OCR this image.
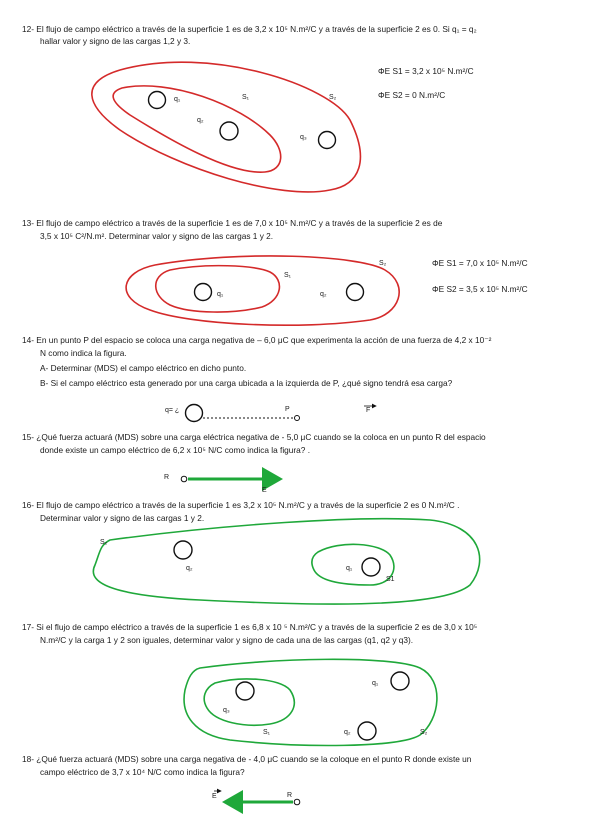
12- El flujo de campo eléctrico a través de la superficie 1 es de 3,2 x 10⁵ N.m²/C y a través de la superficie 2 es 0. Si q₁ = q₂

hallar valor y signo de las cargas 1,2 y 3.

ΦE S1 = 3,2 x 10⁵ N.m²/C

ΦE S2 = 0 N.m²/C

q₁	S₁	S₂

q₂

q₃

13- El flujo de campo eléctrico a través de la superficie 1 es de 7,0 x 10⁵ N.m²/C y a través de la superficie 2 es de

3,5 x 10⁵ C²/N.m². Determinar valor y signo de las cargas 1 y 2.

ΦE S1 = 7,0 x 10⁵ N.m²/C

ΦE S2 = 3,5 x 10⁵ N.m²/C

S₂

S₁

q₁	q₂

14- En un punto P del espacio se coloca una carga negativa de – 6,0 μC que experimenta la acción de una fuerza de 4,2 x 10⁻²

N como indica la figura.

A- Determinar (MDS) el campo eléctrico en dicho punto.

B- Si el campo eléctrico esta generado por una carga ubicada a la izquierda de P, ¿qué signo tendrá esa carga?

q= ¿	P	F

15- ¿Qué fuerza actuará (MDS) sobre una carga eléctrica negativa de - 5,0 μC cuando se la coloca en un punto R del espacio

donde existe un campo eléctrico de 6,2 x 10⁵ N/C como indica la figura? .

R

E

16- El flujo de campo eléctrico a través de la superficie 1 es 3,2 x 10⁵ N.m²/C y a través de la superficie 2 es 0 N.m²/C .

Determinar valor y signo de las cargas 1 y 2.

S₂

q₂	q₁

S1

17- Si el flujo de campo eléctrico a través de la superficie 1 es 6,8 x 10 ⁵ N.m²/C y a través de la superficie 2 es de 3,0 x 10⁵

N.m²/C y la carga 1 y 2 son iguales, determinar valor y signo de cada una de las cargas (q1, q2 y q3).

q₁

q₃

S₁	q₂	S₂

18- ¿Qué fuerza actuará (MDS) sobre una carga negativa de - 4,0 μC cuando se la coloque en el punto R donde existe un

campo eléctrico de 3,7 x 10⁴ N/C como indica la figura?

E	R
